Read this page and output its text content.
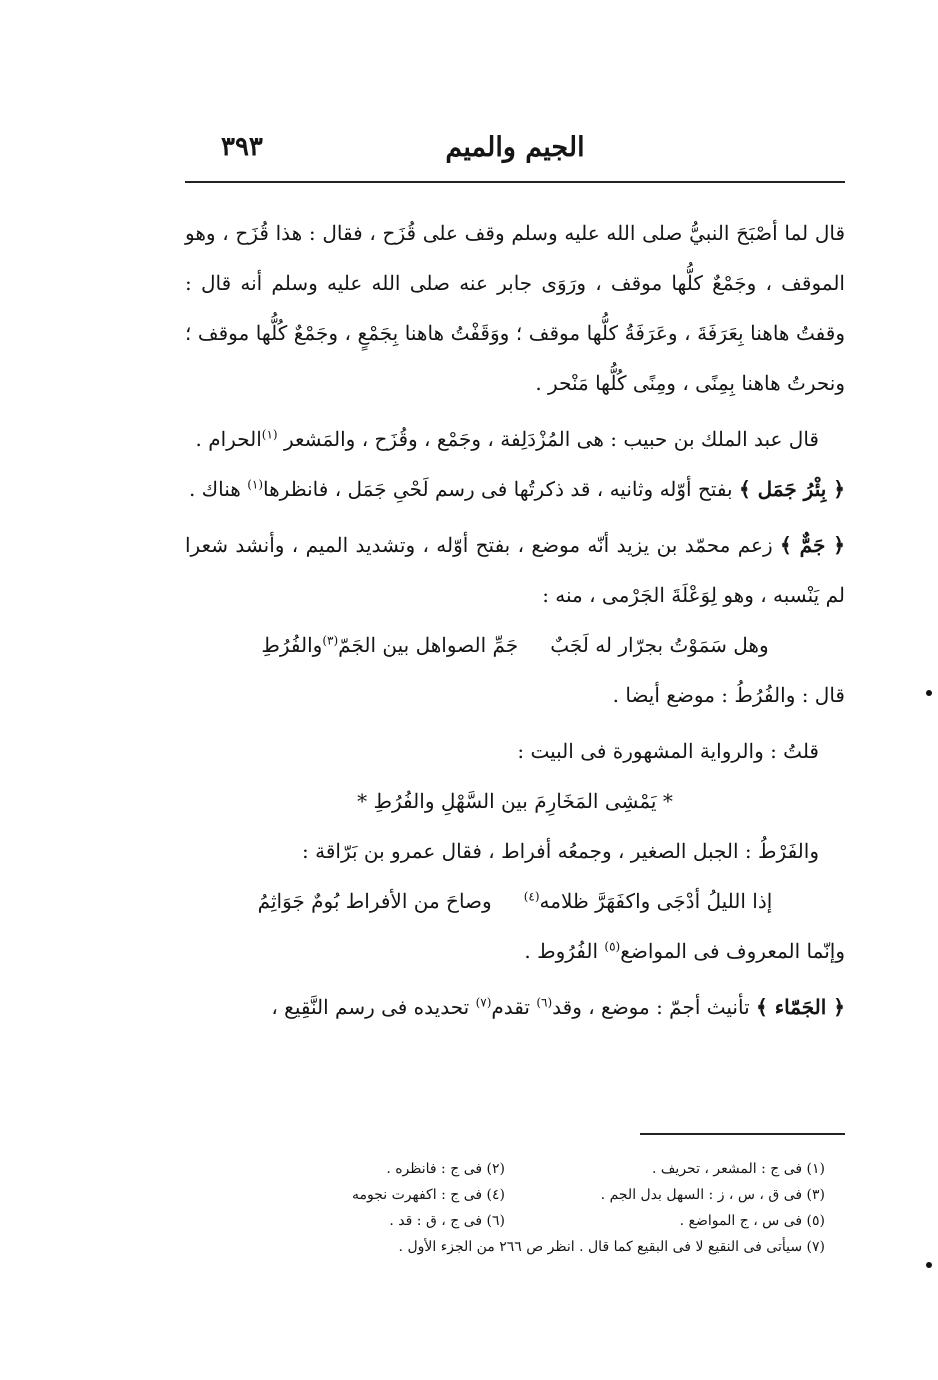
٣٩٣	الجيم والميم

قال لما أصْبَحَ النبيُّ صلى الله عليه وسلم وقف على قُزَح ، فقال : هذا قُزَح ، وهو الموقف ، وجَمْعٌ كلُّها موقف ، ورَوَى جابر عنه صلى الله عليه وسلم أنه قال : وقفتُ هاهنا بِعَرَفَةَ ، وعَرَفَةُ كلُّها موقف ؛ ووَقَفْتُ هاهنا بِجَمْعٍ ، وجَمْعٌ كُلُّها موقف ؛ ونحرتُ هاهنا بِمِنًى ، ومِنًى كُلُّها مَنْحر .

قال عبد الملك بن حبيب : هى المُزْدَلِفة ، وجَمْع ، وقُزَح ، والمَشعر $^{(١)}$الحرام .

﴿ بِئْرُ جَمَل ﴾ بفتح أوّله وثانيه ، قد ذكرتُها فى رسم لَحْىِ جَمَل ، فانظرها$^{(١)}$ هناك .

﴿ جَمٌّ ﴾ زعم محمّد بن يزيد أنّه موضع ، بفتح أوّله ، وتشديد الميم ، وأنشد شعرا لم يَنْسبه ، وهو لِوَعْلَةَ الجَرْمى ، منه :

وهل سَمَوْتُ بجرّار له لَجَبٌجَمِّ الصواهل بين الجَمّ$^{(٣)}$والفُرُطِ

قال : والفُرُطُ : موضع أيضا .

قلتُ : والرواية المشهورة فى البيت :

* يَمْشِى المَخَارِمَ بين السَّهْلِ والفُرُطِ *

والفَرْطُ : الجبل الصغير ، وجمعُه أفراط ، فقال عمرو بن بَرّاقة :

إذا الليلُ أدْجَى واكفَهَرَّ ظلامه$^{(٤)}$وصاحَ من الأفراط بُومٌ جَوَاثِمُ

وإنّما المعروف فى المواضع$^{(٥)}$ الفُرُوط .

﴿ الجَمّاء ﴾ تأنيث أجمّ : موضع ، وقد$^{(٦)}$ تقدم$^{(٧)}$ تحديده فى رسم النَّقِيع ،

(١) فى ج : المشعر ، تحريف .
(٢) فى ج : فانظره .
(٣) فى ق ، س ، ز : السهل بدل الجم .
(٤) فى ج : اكفهرت نجومه
(٥) فى س ، ج المواضع .
(٦) فى ج ، ق : قد .
(٧) سيأتى فى النقيع لا فى البقيع كما قال . انظر ص ٢٦٦ من الجزء الأول .
